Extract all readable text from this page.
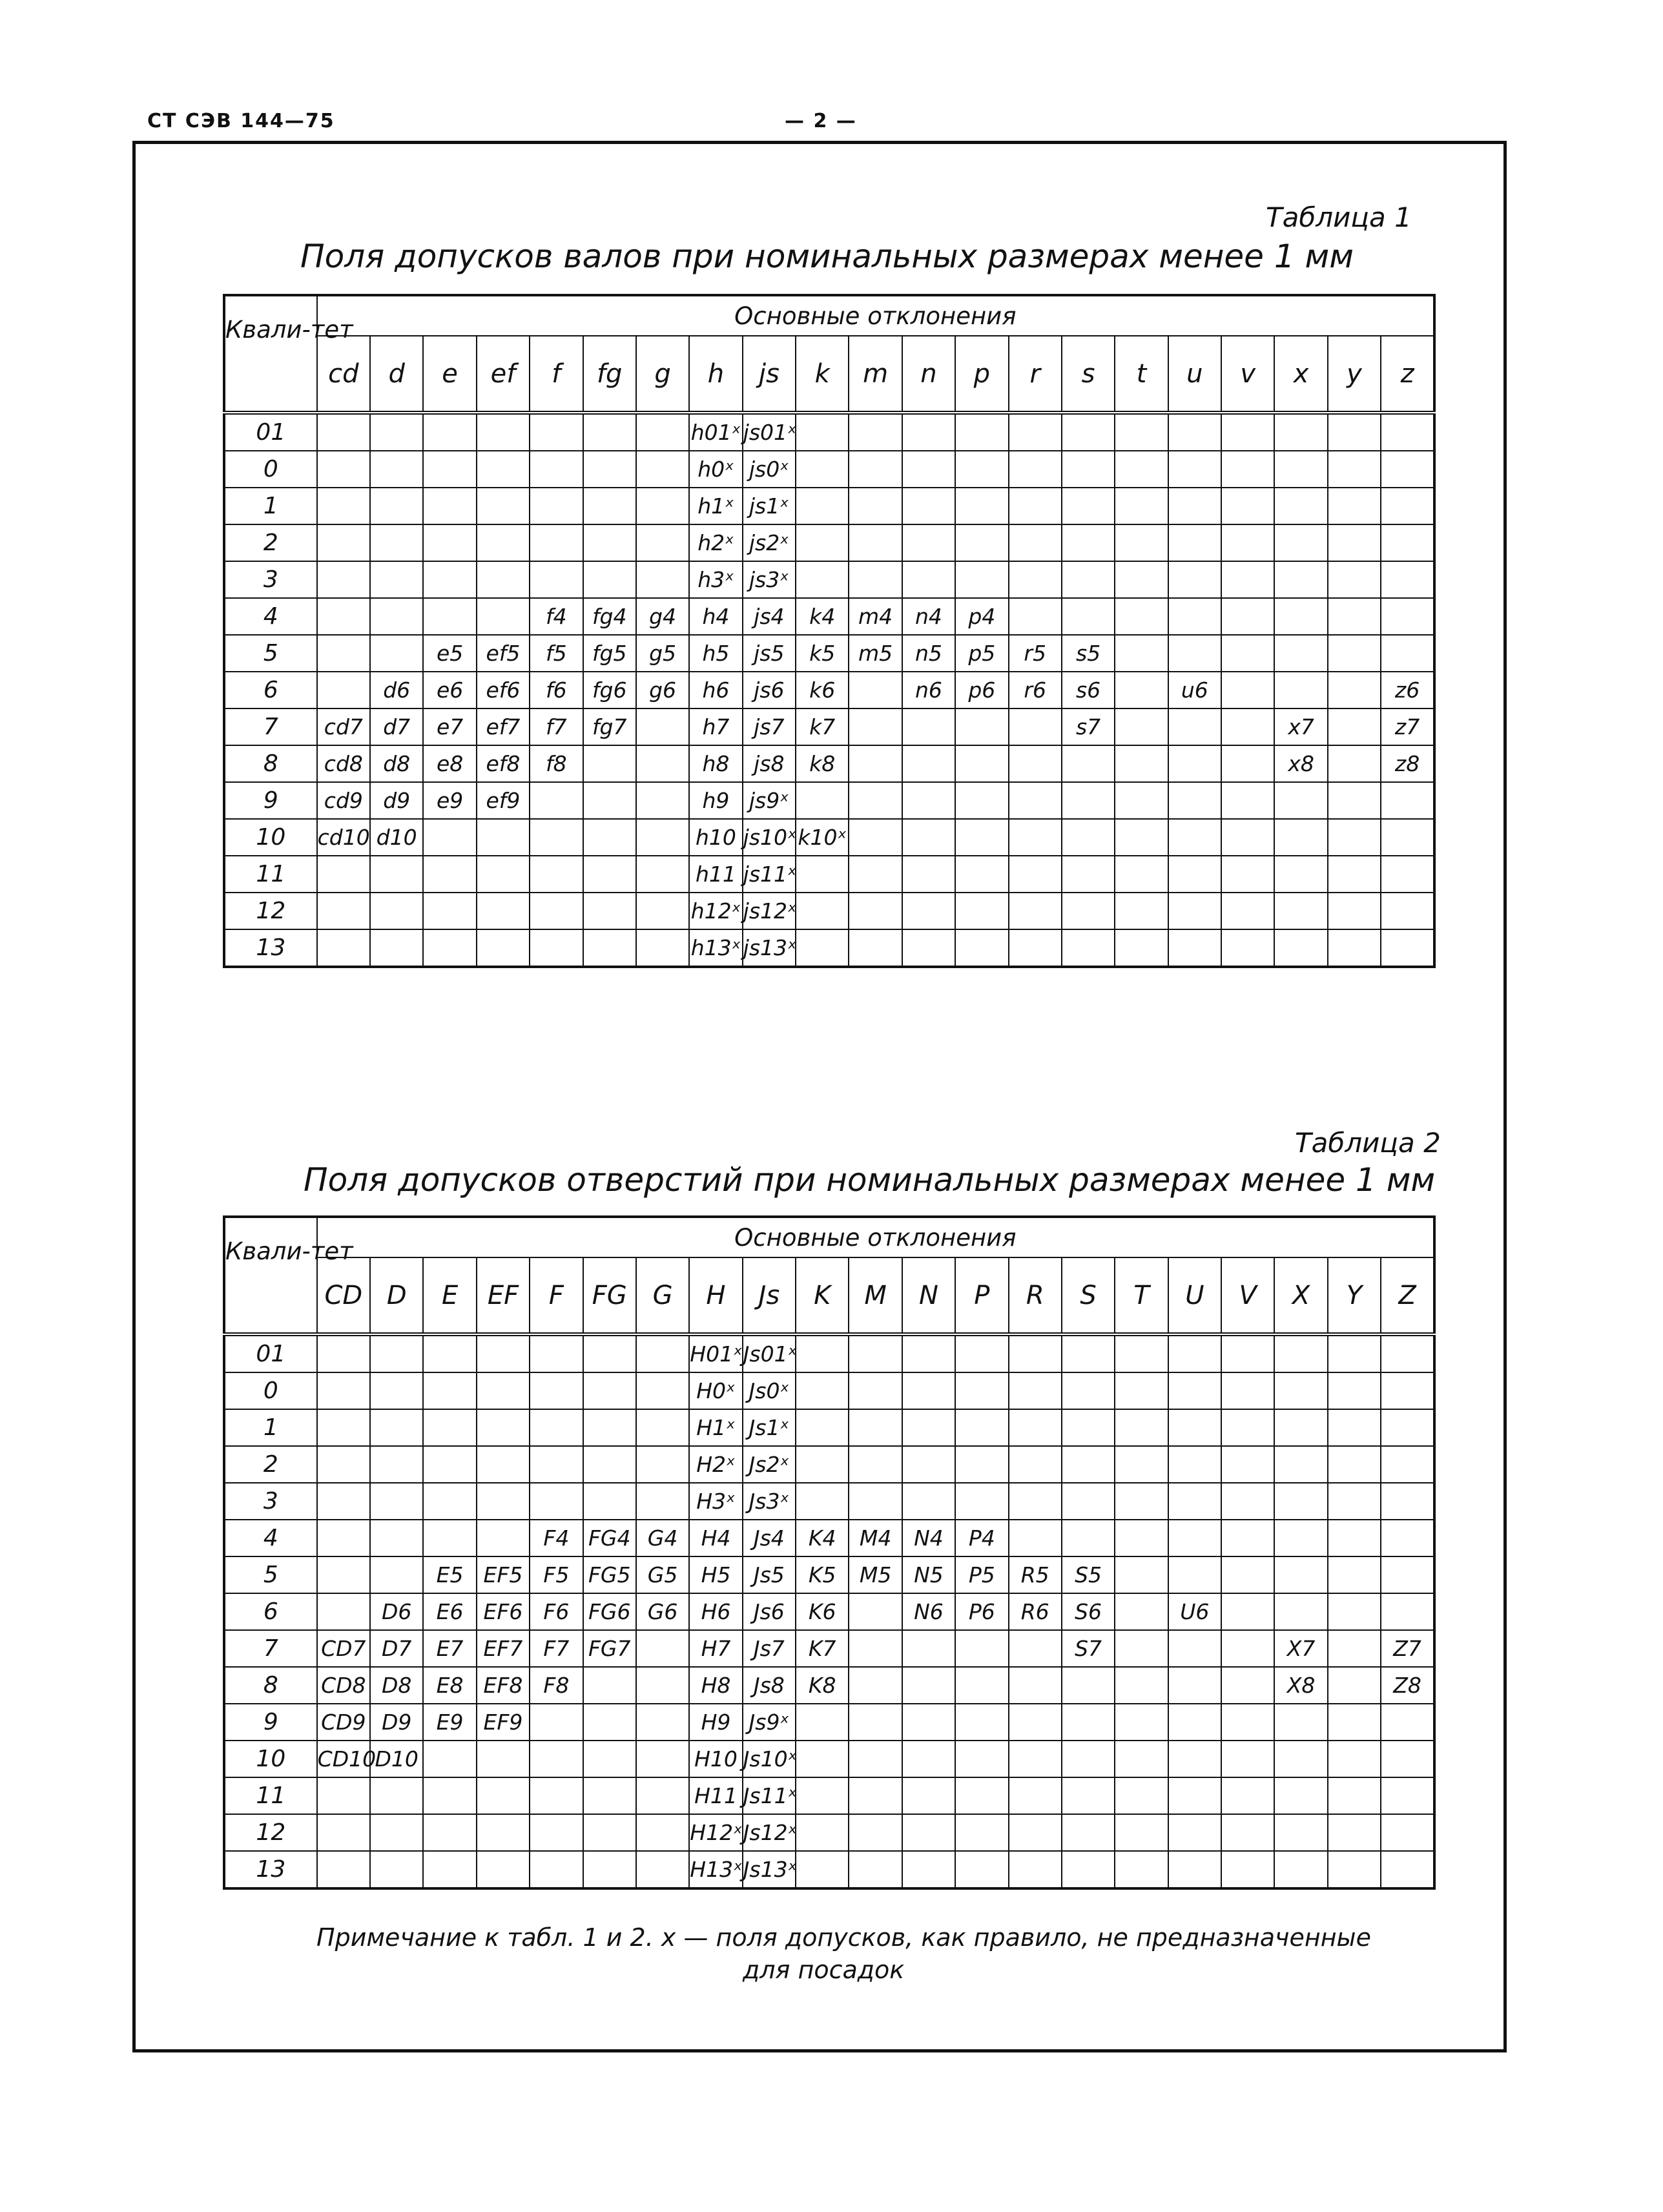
СТ СЭВ 144—75	— 2 —
Таблица 1
Поля допусков валов при номинальных размерах менее 1 мм
Квали-тет	Основные отклонения																				
	cd	d	e	ef	f	fg	g	h	js	k	m	n	p	r	s	t	u	v	x	y	z
01								h01ˣ	js01ˣ												
0								h0ˣ	js0ˣ												
1								h1ˣ	js1ˣ												
2								h2ˣ	js2ˣ												
3								h3ˣ	js3ˣ												
4					f4	fg4	g4	h4	js4	k4	m4	n4	p4								
5			e5	ef5	f5	fg5	g5	h5	js5	k5	m5	n5	p5	r5	s5						
6		d6	e6	ef6	f6	fg6	g6	h6	js6	k6		n6	p6	r6	s6		u6				z6
7	cd7	d7	e7	ef7	f7	fg7		h7	js7	k7					s7				x7		z7
8	cd8	d8	e8	ef8	f8			h8	js8	k8									x8		z8
9	cd9	d9	e9	ef9				h9	js9ˣ												
10	cd10	d10						h10	js10ˣ	k10ˣ											
11								h11	js11ˣ												
12								h12ˣ	js12ˣ												
13								h13ˣ	js13ˣ												
Таблица 2
Поля допусков отверстий при номинальных размерах менее 1 мм
Квали-тет	Основные отклонения																				
	CD	D	E	EF	F	FG	G	H	Js	K	M	N	P	R	S	T	U	V	X	Y	Z
01								H01ˣ	Js01ˣ												
0								H0ˣ	Js0ˣ												
1								H1ˣ	Js1ˣ												
2								H2ˣ	Js2ˣ												
3								H3ˣ	Js3ˣ												
4					F4	FG4	G4	H4	Js4	K4	M4	N4	P4								
5			E5	EF5	F5	FG5	G5	H5	Js5	K5	M5	N5	P5	R5	S5						
6		D6	E6	EF6	F6	FG6	G6	H6	Js6	K6		N6	P6	R6	S6		U6				
7	CD7	D7	E7	EF7	F7	FG7		H7	Js7	K7					S7				X7		Z7
8	CD8	D8	E8	EF8	F8			H8	Js8	K8									X8		Z8
9	CD9	D9	E9	EF9				H9	Js9ˣ												
10	CD10	D10						H10	Js10ˣ												
11								H11	Js11ˣ												
12								H12ˣ	Js12ˣ												
13								H13ˣ	Js13ˣ												
Примечание к табл. 1 и 2. x — поля допусков, как правило, не предназначенные
для посадок
